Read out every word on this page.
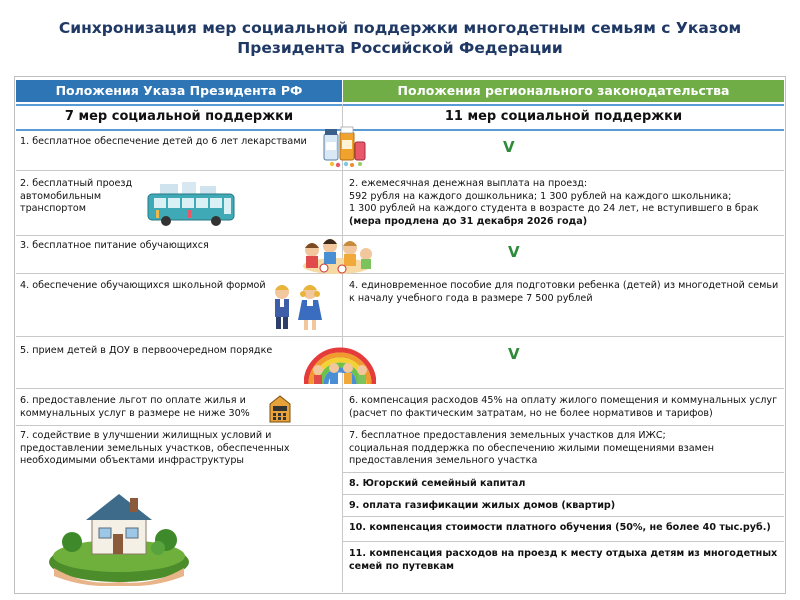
Синхронизация мер социальной поддержки многодетным семьям с Указом
Президента Российской Федерации
Положения Указа Президента РФ	Положения регионального законодательства
7 мер социальной поддержки	11 мер социальной поддержки
1. бесплатное обеспечение детей до 6 лет лекарствами
2. бесплатный проезд
автомобильным
транспортом
3. бесплатное питание обучающихся
4. обеспечение обучающихся школьной формой
5. прием детей в ДОУ в первоочередном порядке
6. предоставление льгот по оплате жилья и
коммунальных услуг в размере не ниже 30%
7. содействие в улучшении жилищных условий и
предоставлении земельных участков, обеспеченных
необходимыми объектами инфраструктуры
V
2. ежемесячная денежная выплата на проезд:
592 рубля на каждого дошкольника; 1 300 рублей на каждого школьника;
1 300 рублей на каждого студента в возрасте до 24 лет, не вступившего в брак
(мера продлена до 31 декабря 2026 года)
V
4. единовременное пособие для подготовки ребенка (детей) из многодетной семьи
к началу учебного года в размере 7 500 рублей
V
6. компенсация расходов 45% на оплату жилого помещения и коммунальных услуг
(расчет по фактическим затратам, но не более нормативов и тарифов)
7. бесплатное предоставления земельных участков для ИЖС;
социальная поддержка по обеспечению жилыми помещениями взамен
предоставления земельного участка
8. Югорский семейный капитал
9. оплата газификации жилых домов (квартир)
10. компенсация стоимости платного обучения (50%, не более 40 тыс.руб.)
11. компенсация расходов на проезд к месту отдыха детям из многодетных
семей по путевкам
